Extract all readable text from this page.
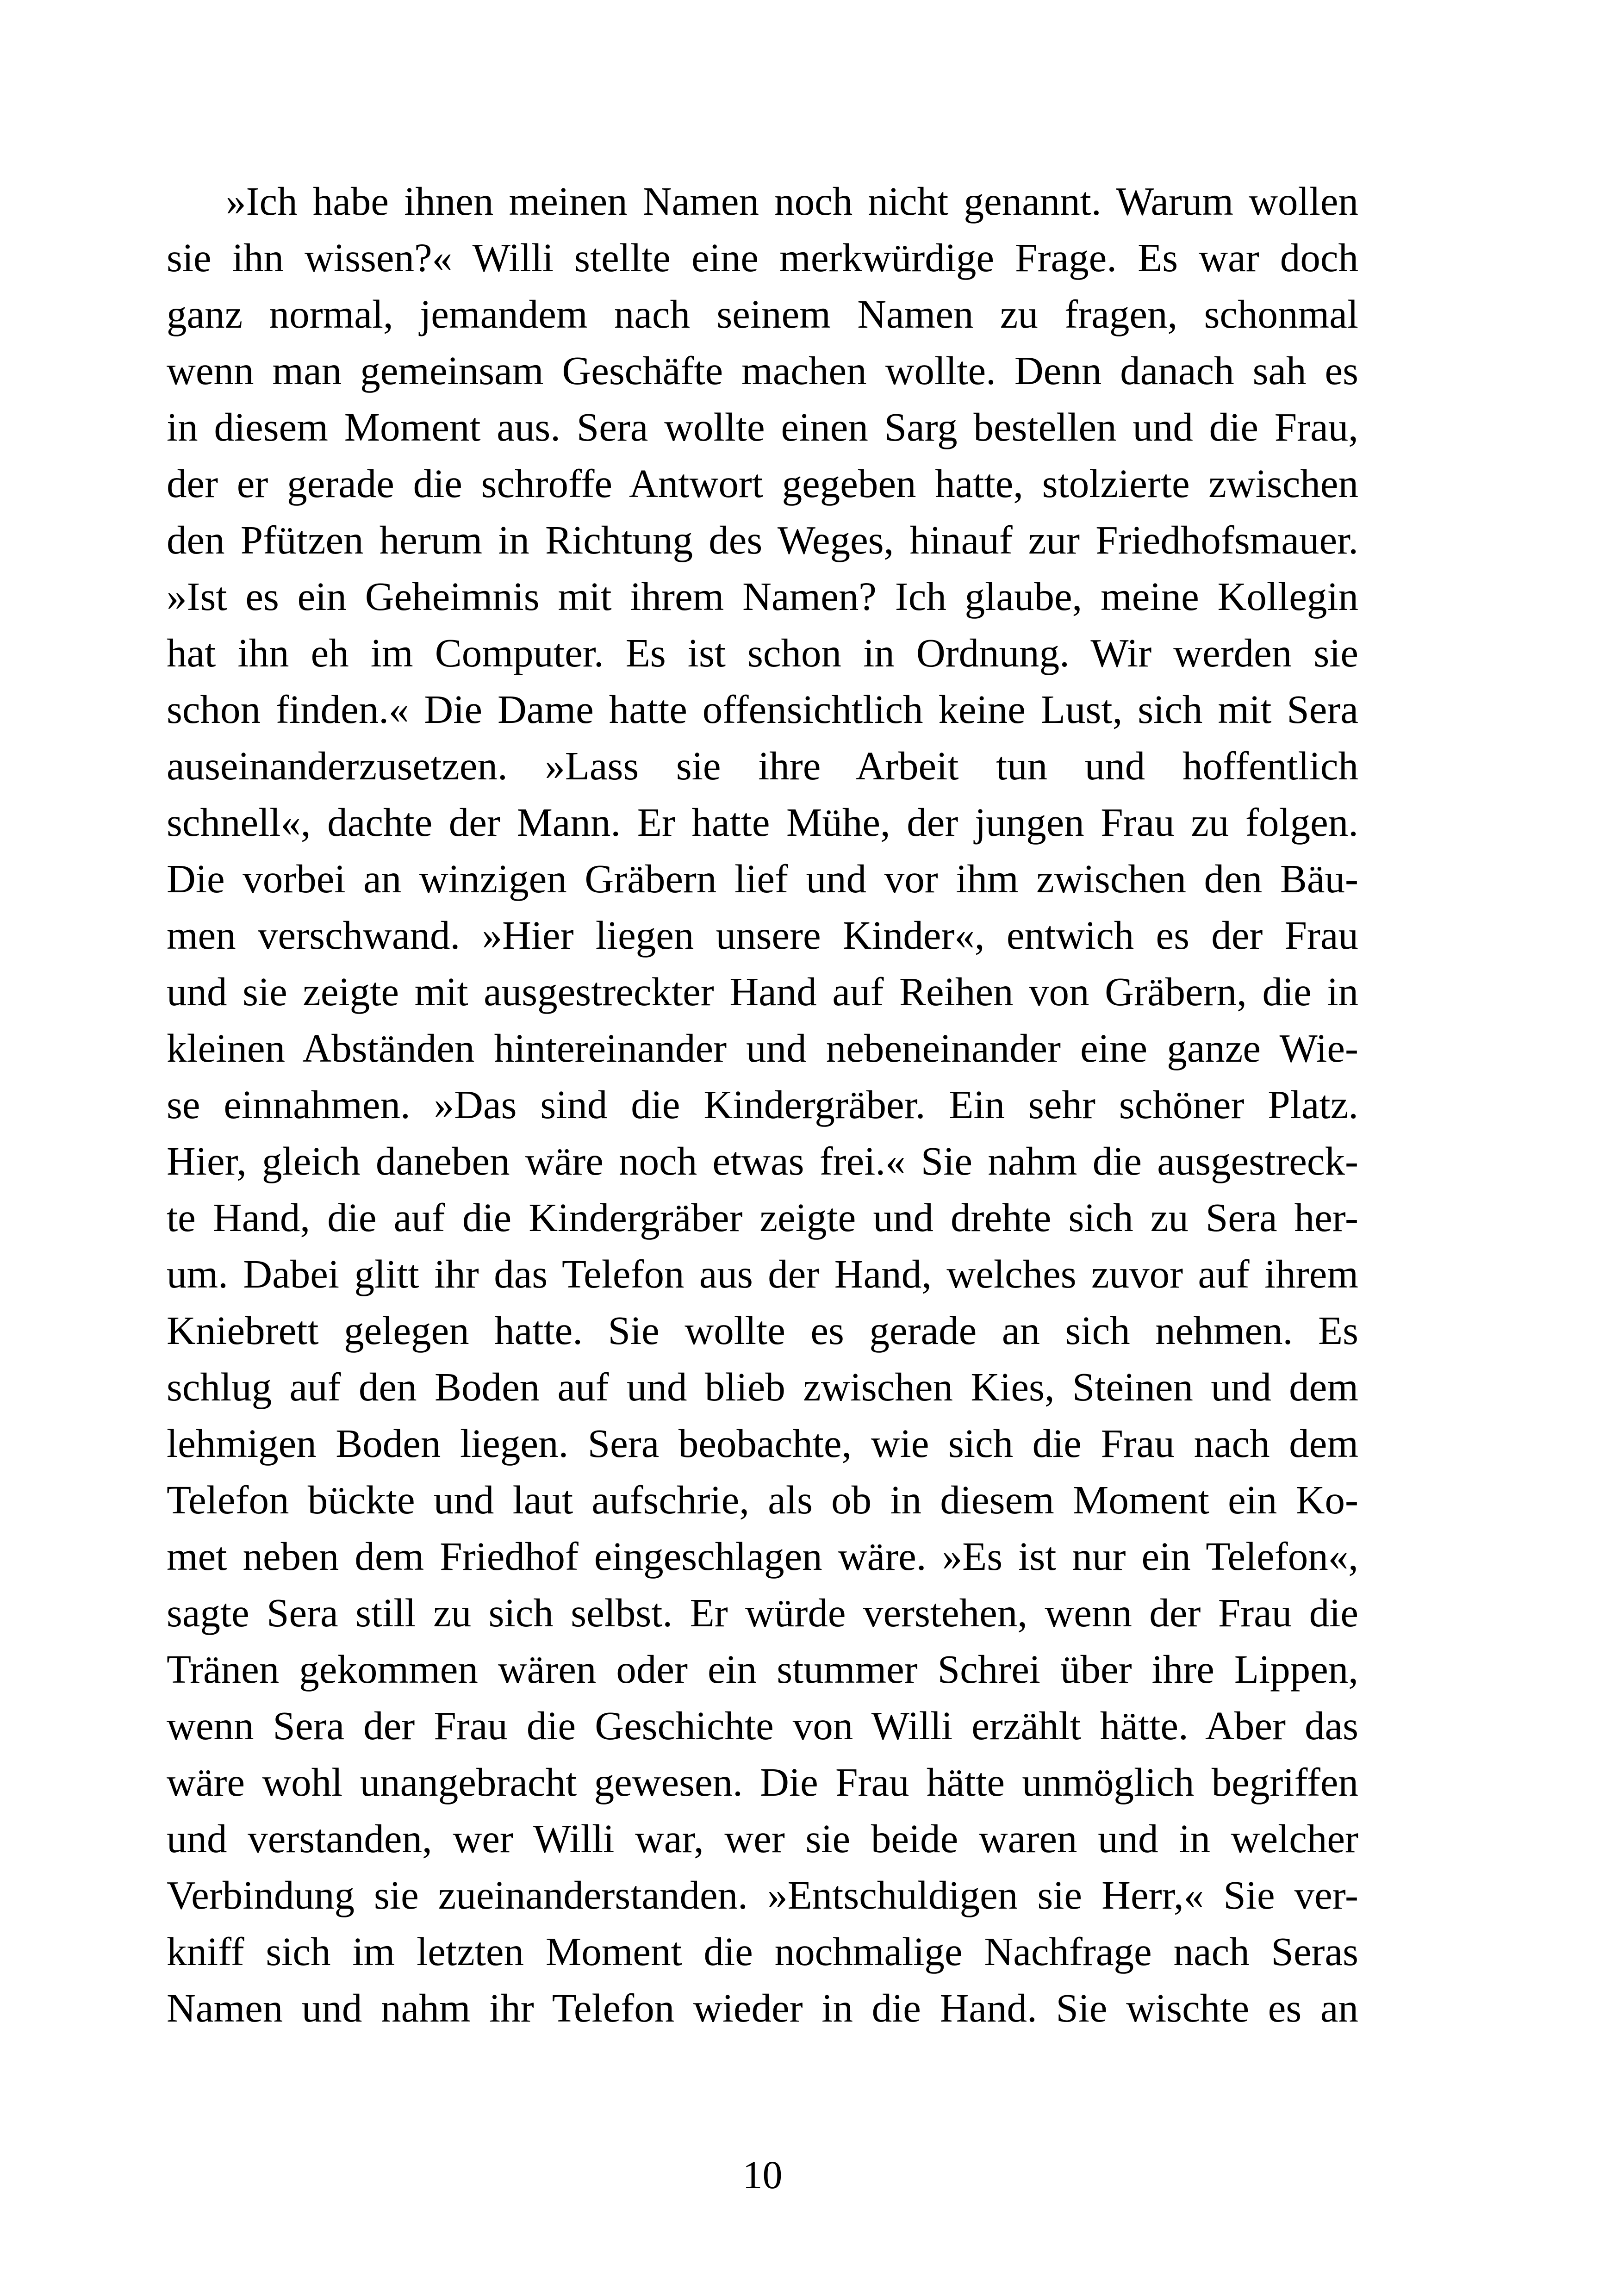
»Ich habe ihnen meinen Namen noch nicht genannt. Warum wollen

sie ihn wissen?« Willi stellte eine merkwürdige Frage. Es war doch

ganz normal, jemandem nach seinem Namen zu fragen, schonmal

wenn man gemeinsam Geschäfte machen wollte. Denn danach sah es

in diesem Moment aus. Sera wollte einen Sarg bestellen und die Frau,

der er gerade die schroffe Antwort gegeben hatte, stolzierte zwischen

den Pfützen herum in Richtung des Weges, hinauf zur Friedhofsmauer.

»Ist es ein Geheimnis mit ihrem Namen? Ich glaube, meine Kollegin

hat ihn eh im Computer. Es ist schon in Ordnung. Wir werden sie

schon finden.« Die Dame hatte offensichtlich keine Lust, sich mit Sera

auseinanderzusetzen. »Lass sie ihre Arbeit tun und hoffentlich

schnell«, dachte der Mann. Er hatte Mühe, der jungen Frau zu folgen.

Die vorbei an winzigen Gräbern lief und vor ihm zwischen den Bäu-

men verschwand. »Hier liegen unsere Kinder«, entwich es der Frau

und sie zeigte mit ausgestreckter Hand auf Reihen von Gräbern, die in

kleinen Abständen hintereinander und nebeneinander eine ganze Wie-

se einnahmen. »Das sind die Kindergräber. Ein sehr schöner Platz.

Hier, gleich daneben wäre noch etwas frei.« Sie nahm die ausgestreck-

te Hand, die auf die Kindergräber zeigte und drehte sich zu Sera her-

um. Dabei glitt ihr das Telefon aus der Hand, welches zuvor auf ihrem

Kniebrett gelegen hatte. Sie wollte es gerade an sich nehmen. Es

schlug auf den Boden auf und blieb zwischen Kies, Steinen und dem

lehmigen Boden liegen. Sera beobachte, wie sich die Frau nach dem

Telefon bückte und laut aufschrie, als ob in diesem Moment ein Ko-

met neben dem Friedhof eingeschlagen wäre. »Es ist nur ein Telefon«,

sagte Sera still zu sich selbst. Er würde verstehen, wenn der Frau die

Tränen gekommen wären oder ein stummer Schrei über ihre Lippen,

wenn Sera der Frau die Geschichte von Willi erzählt hätte. Aber das

wäre wohl unangebracht gewesen. Die Frau hätte unmöglich begriffen

und verstanden, wer Willi war, wer sie beide waren und in welcher

Verbindung sie zueinanderstanden. »Entschuldigen sie Herr,« Sie ver-

kniff sich im letzten Moment die nochmalige Nachfrage nach Seras

Namen und nahm ihr Telefon wieder in die Hand. Sie wischte es an

10
